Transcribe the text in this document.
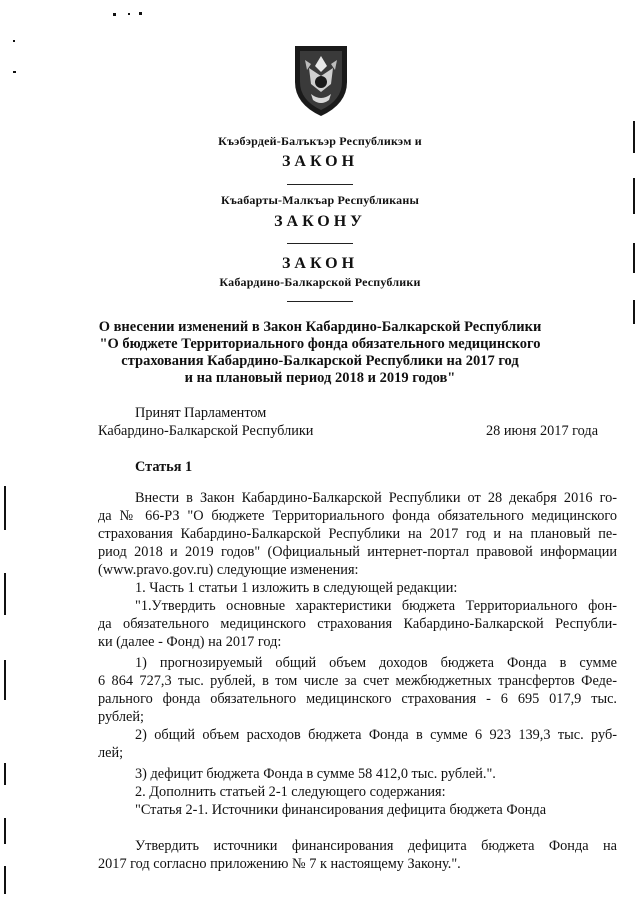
Къэбэрдей-Балъкъэр Республикэм и
ЗАКОН
Къабарты-Малкъар Республиканы
ЗАКОНУ
ЗАКОН
Кабардино-Балкарской Республики
О внесении изменений в Закон Кабардино-Балкарской Республики
"О бюджете Территориального фонда обязательного медицинского
страхования Кабардино-Балкарской Республики на 2017 год
и на плановый период 2018 и 2019 годов"
Принят Парламентом
Кабардино-Балкарской Республики	28 июня 2017 года
Статья 1
Внести в Закон Кабардино-Балкарской Республики от 28 декабря 2016 го-
да № 66-РЗ "О бюджете Территориального фонда обязательного медицинского
страхования Кабардино-Балкарской Республики на 2017 год и на плановый пе-
риод 2018 и 2019 годов" (Официальный интернет-портал правовой информации
(www.pravo.gov.ru) следующие изменения:
1. Часть 1 статьи 1 изложить в следующей редакции:
"1.Утвердить основные характеристики бюджета Территориального фон-
да обязательного медицинского страхования Кабардино-Балкарской Республи-
ки (далее - Фонд) на 2017 год:
1) прогнозируемый общий объем доходов бюджета Фонда в сумме
6 864 727,3 тыс. рублей, в том числе за счет межбюджетных трансфертов Феде-
рального фонда обязательного медицинского страхования - 6 695 017,9 тыс.
рублей;
2) общий объем расходов бюджета Фонда в сумме 6 923 139,3 тыс. руб-
лей;
3) дефицит бюджета Фонда в сумме 58 412,0 тыс. рублей.".
2. Дополнить статьей 2-1 следующего содержания:
"Статья 2-1. Источники финансирования дефицита бюджета Фонда
Утвердить источники финансирования дефицита бюджета Фонда на
2017 год согласно приложению № 7 к настоящему Закону.".
